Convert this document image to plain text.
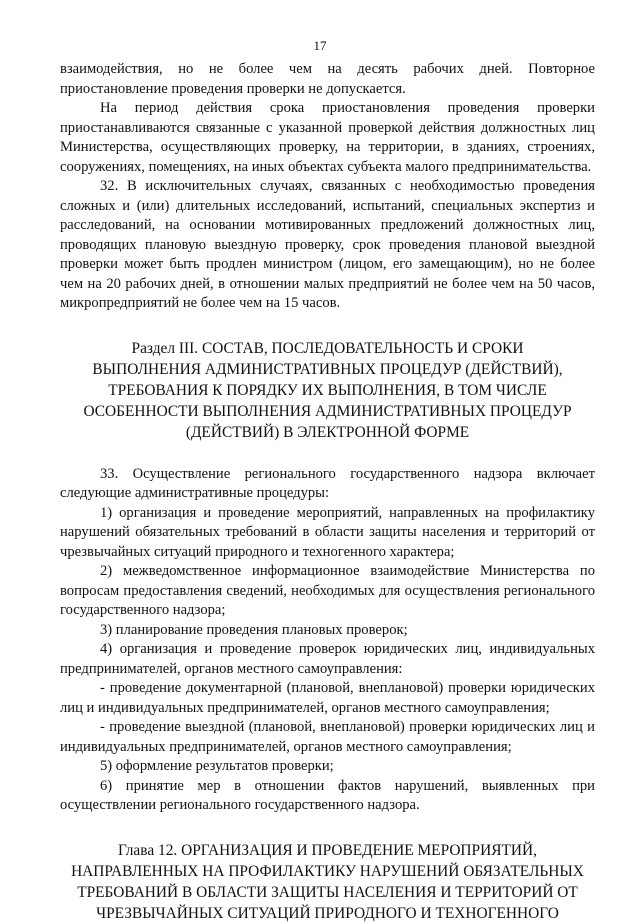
17

взаимодействия, но не более чем на десять рабочих дней. Повторное приостановление проведения проверки не допускается.

На период действия срока приостановления проведения проверки приостанавливаются связанные с указанной проверкой действия должностных лиц Министерства, осуществляющих проверку, на территории, в зданиях, строениях, сооружениях, помещениях, на иных объектах субъекта малого предпринимательства.

32. В исключительных случаях, связанных с необходимостью проведения сложных и (или) длительных исследований, испытаний, специальных экспертиз и расследований, на основании мотивированных предложений должностных лиц, проводящих плановую выездную проверку, срок проведения плановой выездной проверки может быть продлен министром (лицом, его замещающим), но не более чем на 20 рабочих дней, в отношении малых предприятий не более чем на 50 часов, микропредприятий не более чем на 15 часов.

Раздел III. СОСТАВ, ПОСЛЕДОВАТЕЛЬНОСТЬ И СРОКИ
ВЫПОЛНЕНИЯ АДМИНИСТРАТИВНЫХ ПРОЦЕДУР (ДЕЙСТВИЙ),
ТРЕБОВАНИЯ К ПОРЯДКУ ИХ ВЫПОЛНЕНИЯ, В ТОМ ЧИСЛЕ
ОСОБЕННОСТИ ВЫПОЛНЕНИЯ АДМИНИСТРАТИВНЫХ ПРОЦЕДУР
(ДЕЙСТВИЙ) В ЭЛЕКТРОННОЙ ФОРМЕ

33. Осуществление регионального государственного надзора включает следующие административные процедуры:

1) организация и проведение мероприятий, направленных на профилактику нарушений обязательных требований в области защиты населения и территорий от чрезвычайных ситуаций природного и техногенного характера;

2) межведомственное информационное взаимодействие Министерства по вопросам предоставления сведений, необходимых для осуществления регионального государственного надзора;

3) планирование проведения плановых проверок;

4) организация и проведение проверок юридических лиц, индивидуальных предпринимателей, органов местного самоуправления:

- проведение документарной (плановой, внеплановой) проверки юридических лиц и индивидуальных предпринимателей, органов местного самоуправления;

- проведение выездной (плановой, внеплановой) проверки юридических лиц и индивидуальных предпринимателей, органов местного самоуправления;

5) оформление результатов проверки;

6) принятие мер в отношении фактов нарушений, выявленных при осуществлении регионального государственного надзора.

Глава 12. ОРГАНИЗАЦИЯ И ПРОВЕДЕНИЕ МЕРОПРИЯТИЙ,
НАПРАВЛЕННЫХ НА ПРОФИЛАКТИКУ НАРУШЕНИЙ ОБЯЗАТЕЛЬНЫХ
ТРЕБОВАНИЙ В ОБЛАСТИ ЗАЩИТЫ НАСЕЛЕНИЯ И ТЕРРИТОРИЙ ОТ
ЧРЕЗВЫЧАЙНЫХ СИТУАЦИЙ ПРИРОДНОГО И ТЕХНОГЕННОГО
